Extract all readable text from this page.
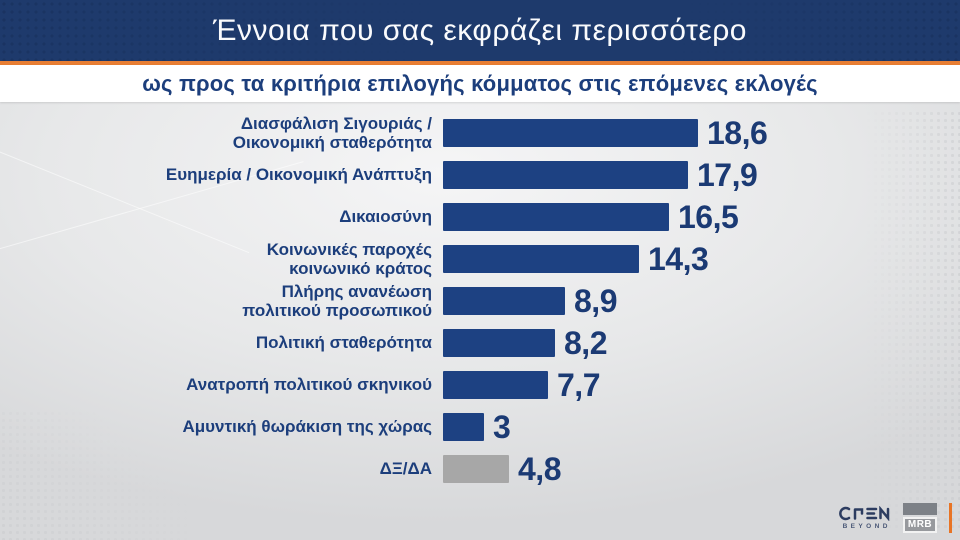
Έννοια που σας εκφράζει περισσότερο
ως προς τα κριτήρια επιλογής κόμματος στις επόμενες εκλογές
Διασφάλιση Σιγουριάς /
Οικονομική σταθερότητα	18,6
Ευημερία / Οικονομική Ανάπτυξη	17,9
Δικαιοσύνη	16,5
Κοινωνικές παροχές
κοινωνικό κράτος	14,3
Πλήρης ανανέωση
πολιτικού προσωπικού	8,9
Πολιτική σταθερότητα	8,2
Ανατροπή πολιτικού σκηνικού	7,7
Αμυντική θωράκιση της χώρας	3
ΔΞ/ΔΑ	4,8
BEYOND	MRB
